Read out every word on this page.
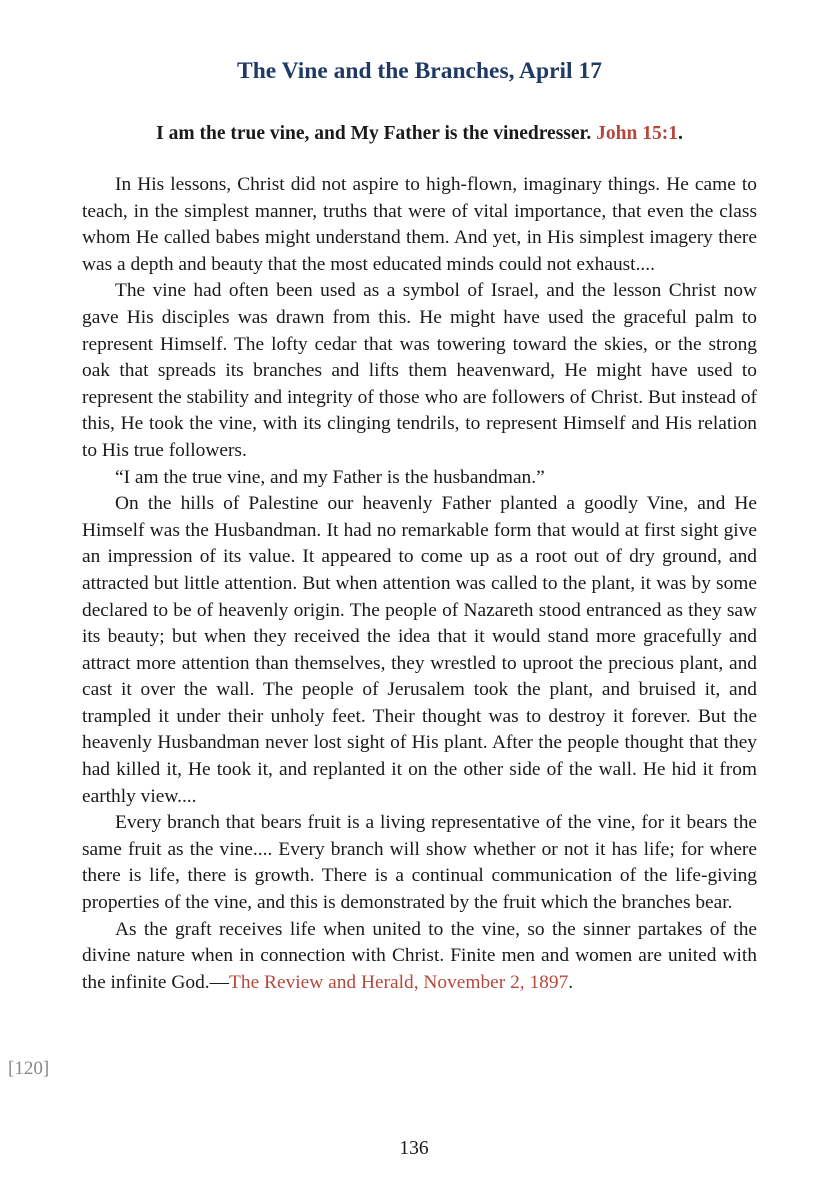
The Vine and the Branches, April 17

I am the true vine, and My Father is the vinedresser. John 15:1.

In His lessons, Christ did not aspire to high-flown, imaginary things. He came to teach, in the simplest manner, truths that were of vital importance, that even the class whom He called babes might understand them. And yet, in His simplest imagery there was a depth and beauty that the most educated minds could not exhaust....

The vine had often been used as a symbol of Israel, and the lesson Christ now gave His disciples was drawn from this. He might have used the graceful palm to represent Himself. The lofty cedar that was towering toward the skies, or the strong oak that spreads its branches and lifts them heavenward, He might have used to represent the stability and integrity of those who are followers of Christ. But instead of this, He took the vine, with its clinging tendrils, to represent Himself and His relation to His true followers.

“I am the true vine, and my Father is the husbandman.”

On the hills of Palestine our heavenly Father planted a goodly Vine, and He Himself was the Husbandman. It had no remarkable form that would at first sight give an impression of its value. It appeared to come up as a root out of dry ground, and attracted but little attention. But when attention was called to the plant, it was by some declared to be of heavenly origin. The people of Nazareth stood entranced as they saw its beauty; but when they received the idea that it would stand more gracefully and attract more attention than themselves, they wrestled to uproot the precious plant, and cast it over the wall. The people of Jerusalem took the plant, and bruised it, and trampled it under their unholy feet. Their thought was to destroy it forever. But the heavenly Husbandman never lost sight of His plant. After the people thought that they had killed it, He took it, and replanted it on the other side of the wall. He hid it from earthly view....

Every branch that bears fruit is a living representative of the vine, for it bears the same fruit as the vine.... Every branch will show whether or not it has life; for where there is life, there is growth. There is a continual communication of the life-giving properties of the vine, and this is demonstrated by the fruit which the branches bear.

As the graft receives life when united to the vine, so the sinner partakes of the divine nature when in connection with Christ. Finite men and women are united with the infinite God.—The Review and Herald, November 2, 1897.

[120]
136
